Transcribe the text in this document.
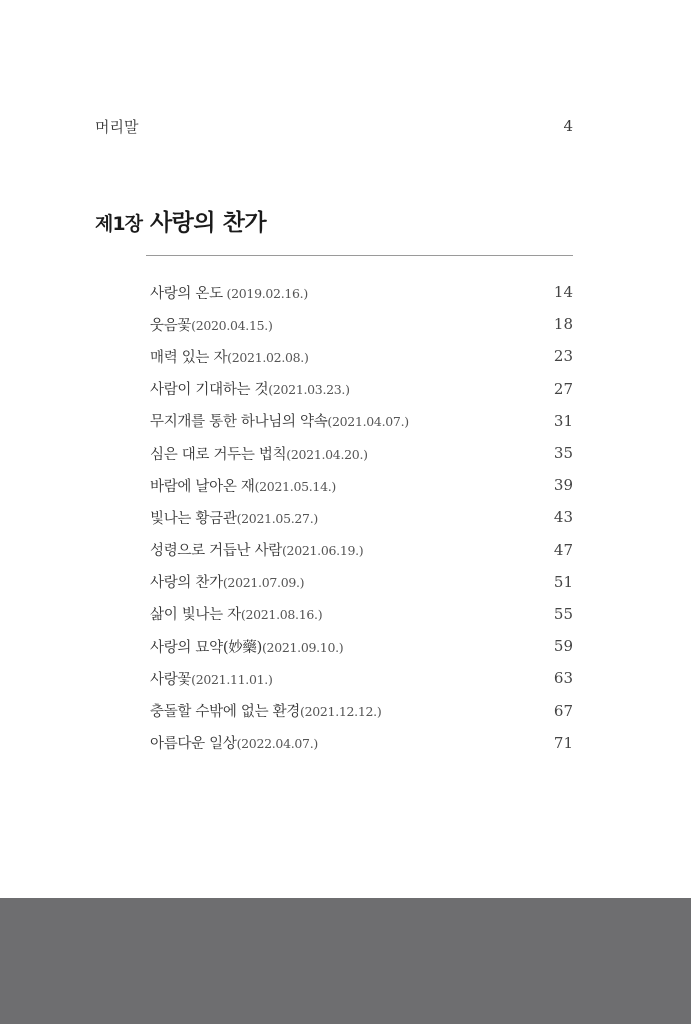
머리말	4
제1장 사랑의 찬가
사랑의 온도 (2019.02.16.)	14
웃음꽃(2020.04.15.)	18
매력 있는 자(2021.02.08.)	23
사람이 기대하는 것(2021.03.23.)	27
무지개를 통한 하나님의 약속(2021.04.07.)	31
심은 대로 거두는 법칙(2021.04.20.)	35
바람에 날아온 재(2021.05.14.)	39
빛나는 황금관(2021.05.27.)	43
성령으로 거듭난 사람(2021.06.19.)	47
사랑의 찬가(2021.07.09.)	51
삶이 빛나는 자(2021.08.16.)	55
사랑의 묘약(妙藥)(2021.09.10.)	59
사랑꽃(2021.11.01.)	63
충돌할 수밖에 없는 환경(2021.12.12.)	67
아름다운 일상(2022.04.07.)	71
